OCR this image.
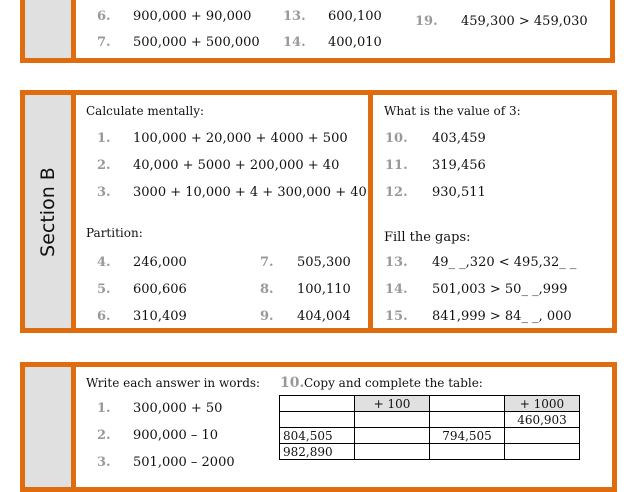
6. 900,000 + 90,000
7. 500,000 + 500,000
13. 600,100
14. 400,010
19. 459,300 > 459,030
Section B
Calculate mentally:
1. 100,000 + 20,000 + 4000 + 500
2. 40,000 + 5000 + 200,000 + 40
3. 3000 + 10,000 + 4 + 300,000 + 40
Partition:
4. 246,000
5. 600,606
6. 310,409
7. 505,300
8. 100,110
9. 404,004
What is the value of 3:
10. 403,459
11. 319,456
12. 930,511
Fill the gaps:
13. 49_ _,320 < 495,32_ _
14. 501,003 > 50_ _,999
15. 841,999 > 84_ _, 000
Write each answer in words:
1. 300,000 + 50
2. 900,000 – 10
3. 501,000 – 2000
10. Copy and complete the table:
	+ 100		+ 1000
			460,903
804,505		794,505	
982,890			
